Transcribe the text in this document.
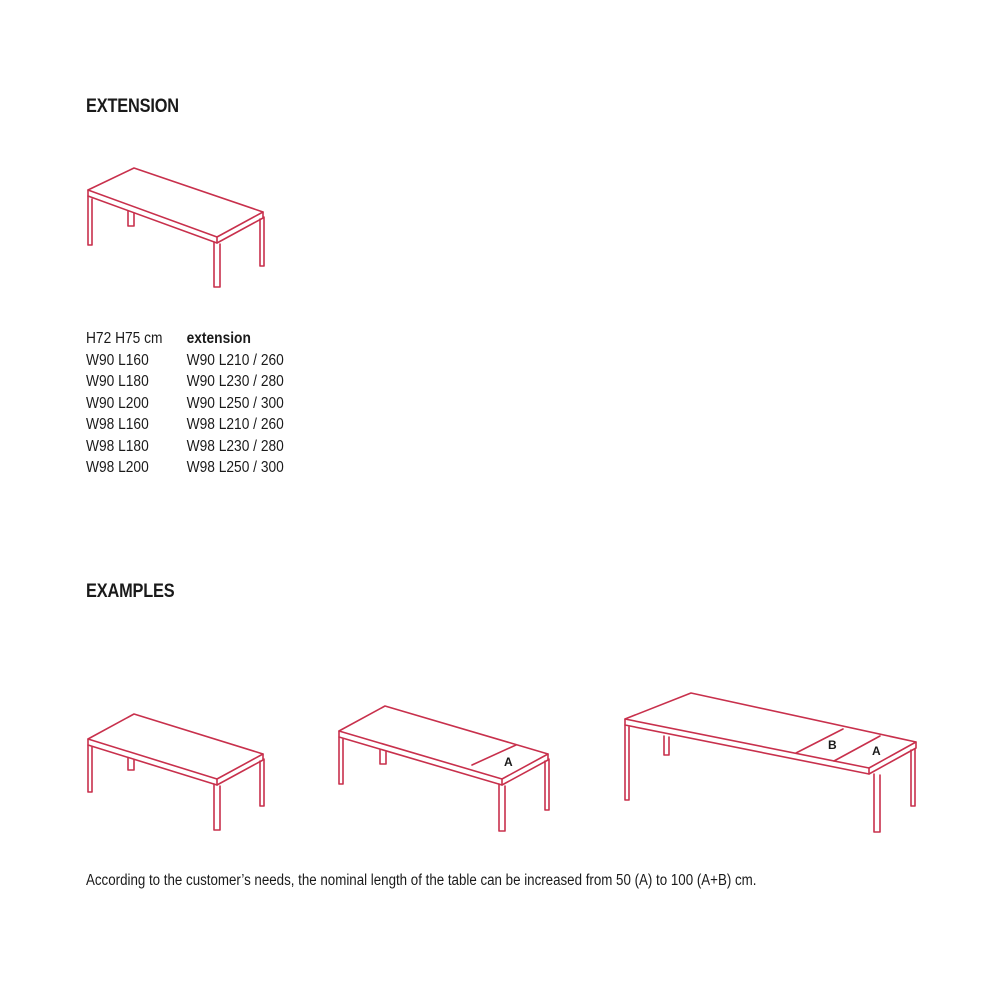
EXTENSION
H72 H75 cm
W90 L160
W90 L180
W90 L200
W98 L160
W98 L180
W98 L200
extension
W90 L210 / 260
W90 L230 / 280
W90 L250 / 300
W98 L210 / 260
W98 L230 / 280
W98 L250 / 300
EXAMPLES
A
B	A

According to the customer’s needs, the nominal length of the table can be increased from 50 (A) to 100 (A+B) cm.
